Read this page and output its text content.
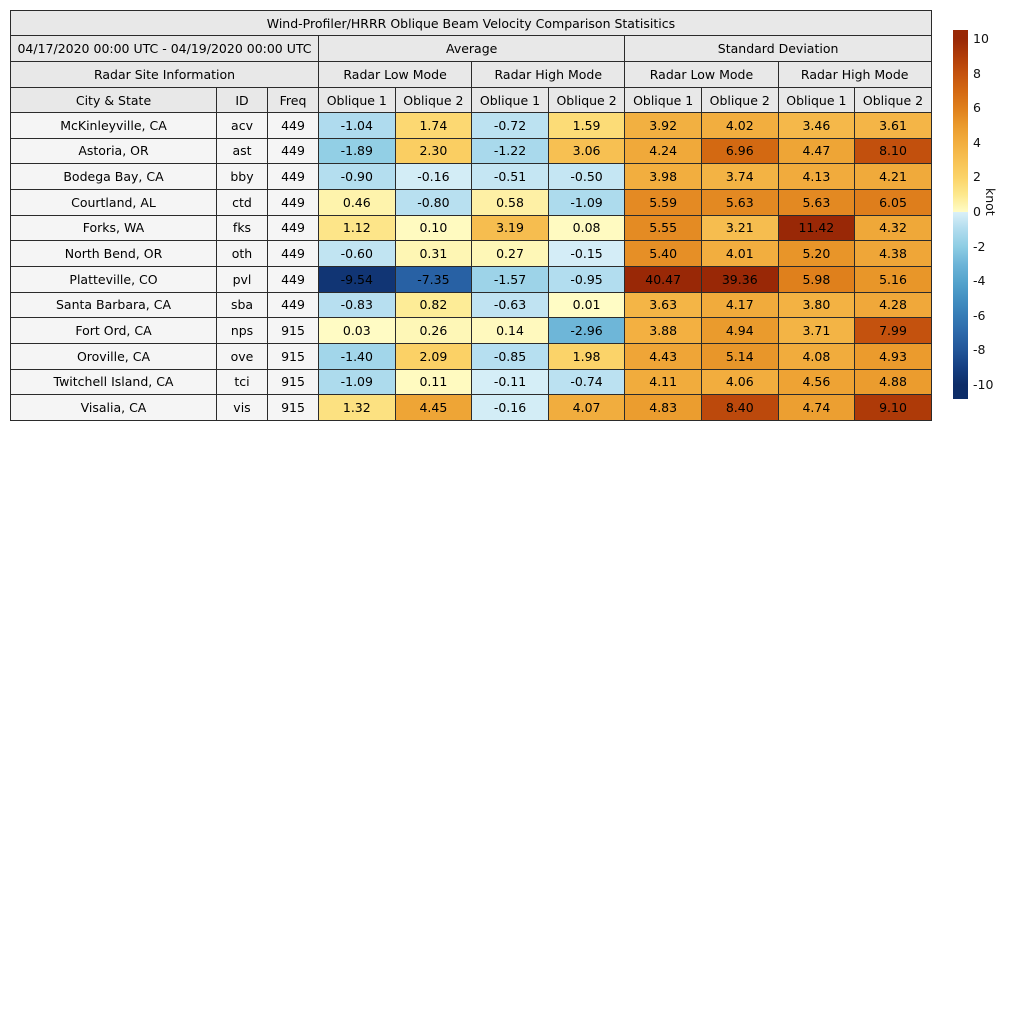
Wind-Profiler/HRRR Oblique Beam Velocity Comparison Statisitics										
04/17/2020 00:00 UTC - 04/19/2020 00:00 UTC			Average				Standard Deviation			
Radar Site Information			Radar Low Mode		Radar High Mode		Radar Low Mode		Radar High Mode	
City & State	ID	Freq	Oblique 1	Oblique 2	Oblique 1	Oblique 2	Oblique 1	Oblique 2	Oblique 1	Oblique 2
McKinleyville, CA	acv	449	-1.04	1.74	-0.72	1.59	3.92	4.02	3.46	3.61
Astoria, OR	ast	449	-1.89	2.30	-1.22	3.06	4.24	6.96	4.47	8.10
Bodega Bay, CA	bby	449	-0.90	-0.16	-0.51	-0.50	3.98	3.74	4.13	4.21
Courtland, AL	ctd	449	0.46	-0.80	0.58	-1.09	5.59	5.63	5.63	6.05
Forks, WA	fks	449	1.12	0.10	3.19	0.08	5.55	3.21	11.42	4.32
North Bend, OR	oth	449	-0.60	0.31	0.27	-0.15	5.40	4.01	5.20	4.38
Platteville, CO	pvl	449	-9.54	-7.35	-1.57	-0.95	40.47	39.36	5.98	5.16
Santa Barbara, CA	sba	449	-0.83	0.82	-0.63	0.01	3.63	4.17	3.80	4.28
Fort Ord, CA	nps	915	0.03	0.26	0.14	-2.96	3.88	4.94	3.71	7.99
Oroville, CA	ove	915	-1.40	2.09	-0.85	1.98	4.43	5.14	4.08	4.93
Twitchell Island, CA	tci	915	-1.09	0.11	-0.11	-0.74	4.11	4.06	4.56	4.88
Visalia, CA	vis	915	1.32	4.45	-0.16	4.07	4.83	8.40	4.74	9.10
knot
10
8
6
4
2
0
-2
-4
-6
-8
-10
